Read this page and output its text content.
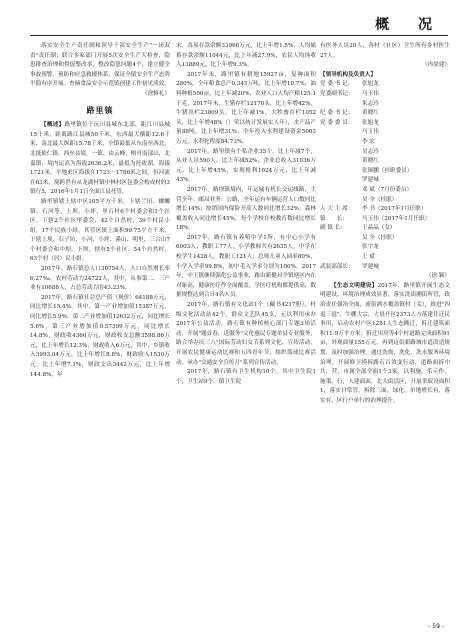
概 况

落实安全生产责任制和领导干部安全生产"一岗双责"责任制；联合多家部门开展5次安全生产大检查，隐患排查治理和督促整改率，整改隐患问题4个，建立健全事故预警、预防和应急救援体系，保证全镇安全生产态势平稳有序开展。查摘食品安全示范镇创建工作初见成效。

（徐修礼）

路里镇

【概述】路里镇位于沅川县城东北部，距江川县城15千米，距离路江县城50千米，东西最大横距12.6千米，南北最大纵距15.78千米，全镇最低从东南至西北，北抵依仁镇，西至县境，一镇、由云峰、榕舟南部山，北嘉镇，境内运高为海拔2636.2米，最低为托依湖，海拔1721米，平地来区海拔在1723～1786米之间，但河流在63米，境跨世有从龙湖村镇中林村区包委会构成村的3镇行5，2016年1月1日全面江县托管。

路里镇辖上辖中区105平方千米，下辖兰田、螺蛳镇、石河等、上坝、小坪、里石村6个村委会和1个社区，下辖2个社区里委会，42个自然村，39个村民小组，17个民族小组，其管区镇上面积99.75平方千米，下辖上坝、石子坊、小河、小坪、溪山、明里、三合山7个村委会和中坝、下坝，辖有5个社区、54个自然村，63个村（居）民小组。

2017年，路石镇总人口30754人，人口自然增长率6.27‰，农村劳动力24722人，其中，从事第二、三产业有10688人，占总劳动力的43.23%。

2017年，路石镇社会总产值（现价）64188万元，同比增长15.4%，其中，第一产业增加值15387万元，同比增长5.9%，第二产业增加值12632万元，同比增长5.6%，第三产业增加值9.57399万元，同比增长14.8%，财政收4360万元，财政收支总额3598.86万元，比上年增长12.3%，财政收入6万元，其中，乡镇收入3993.04万元，比上年增长8.8%，财政收入1530万元，比上年增7.1%，财政支出3442万元，比上年增144.8%，年

末，各项存款余额33966万元，比上年增1.5%，人均储蓄存款余额11044元，比上年减27.9%，农民人均纯收入13889元，比上年增9.3%。

2017年末，路里镇有耕地15927亩，复种面积280%，全年粮食总产0.345万吨，比上年增10.7%，油料种植500亩，比上年减20%，农业人口人均产粮125.1千克，2017年末，生猪存栏12170头，比上年增42%，牛猪出栏23809头，比上年减1%，大牲畜存栏1052头，比上年增48%（）荣以统计发展实人年），水产品产量88吨，比上年增31%，全年投入水利建设资金5003万元，水利化程度84.73%。

2017年，路里镇有个私企业35个，比上年减7个，从业人员590人，比上年减52%，企业总收入31036万元，比上年增45%，实现税利1024万元，比上年减43%。

2017年，路坝镇境内，年运输有机长交运线路，主营全年：邮局业务：公路，全年运有车辆运营人口数同比增长14%；按销国内保险开高人数同比增长32%；森林覆盖收入同比增长45%，每个学校在校教育数同比增长18%。

2017年，路石镇有养殖中学1所，有中心小学有6003人；教职工77人，小学教师共有2635人，中学在校学生1428人，教职工121人；总师儿童入园率80%，小学入学率99.8%，初中毛入学率分别为100%，2017年，中王镇继续强化公益事业，路由新健对全镇辖区内在对象高，健康医疗作全面覆盖，学医疗机构都提供高，数据规整达到合计4名人员。

2017年，路石镇有文化站1个（藏书4217册），村级文化活动站42个，群众文艺队45支，元以利用承办2017年公益活动，路石镇有种植核心部门专题3场活动，开展"题首春，送服务"文化惠民专题单县专业服务，路合举办庆三八"国际劳动妇女节系列文化、宣传活动，开展农民健康运动比赛和五四青年节，组织篮球比赛活动。承办"交通安全宣传月"系列宣传活动。

2017年，路石镇有卫生机构10个，其中卫生院1个，卫生站9个，镇卫生院

有医务人员20人，各村（社区）卫生所有乡村医生27人。

（冉晏建）

【领导机构及负责人】

党 委 书 记：	张旭龙
党委副书记：	马玉伟
朱志玲
纪 委 书 记：	黄晓红
党 委 委 员：	张旭龙
马玉伟
李 宏
吴志玲
黄晓红
张铜鹏（挂职委员）
罗建城
邓 斌（7月份委员）
吴 全（挂职）
人 大 主 席：	李 书（2017年1月任职）
镇　　长：	马玉伟（2017年1月任职）
副 镇 长：	王晶晶（女）
吴 全（挂职）
张宇龙
王 斌
武装部部长：	罗建城

（徐 颖）

【生态文明建设】2017年，路里镇开展生态文明建设，坏境治理成效显著，落实洗街溯街所管，政治责任强治全面，流街洒水覆盖镇村（关），推进"四退三退"、牛棚大宗，大晨开区2373人方落建住迁民事用，启动农村户区1281人生态搬迁，拆迁建筑面积11.9万平方米；拆迁用房等4个村道路完成面积91亩，外观面量155万元，再到这街新路域市道改造规划，及时加强治理，通过洗衙，洗化、洗水服务环境治理，开展修卫摸拆路石百效变行动，道路面拆中共，营，市属全部全面1个3家，以利施，乐示作，施策，行，人建面面，北大街活区，开展采取设面积1，落实日常管，拆除三面，绿化，单地增长有，落实有，区行户单行的治理提升。

- 59 -
